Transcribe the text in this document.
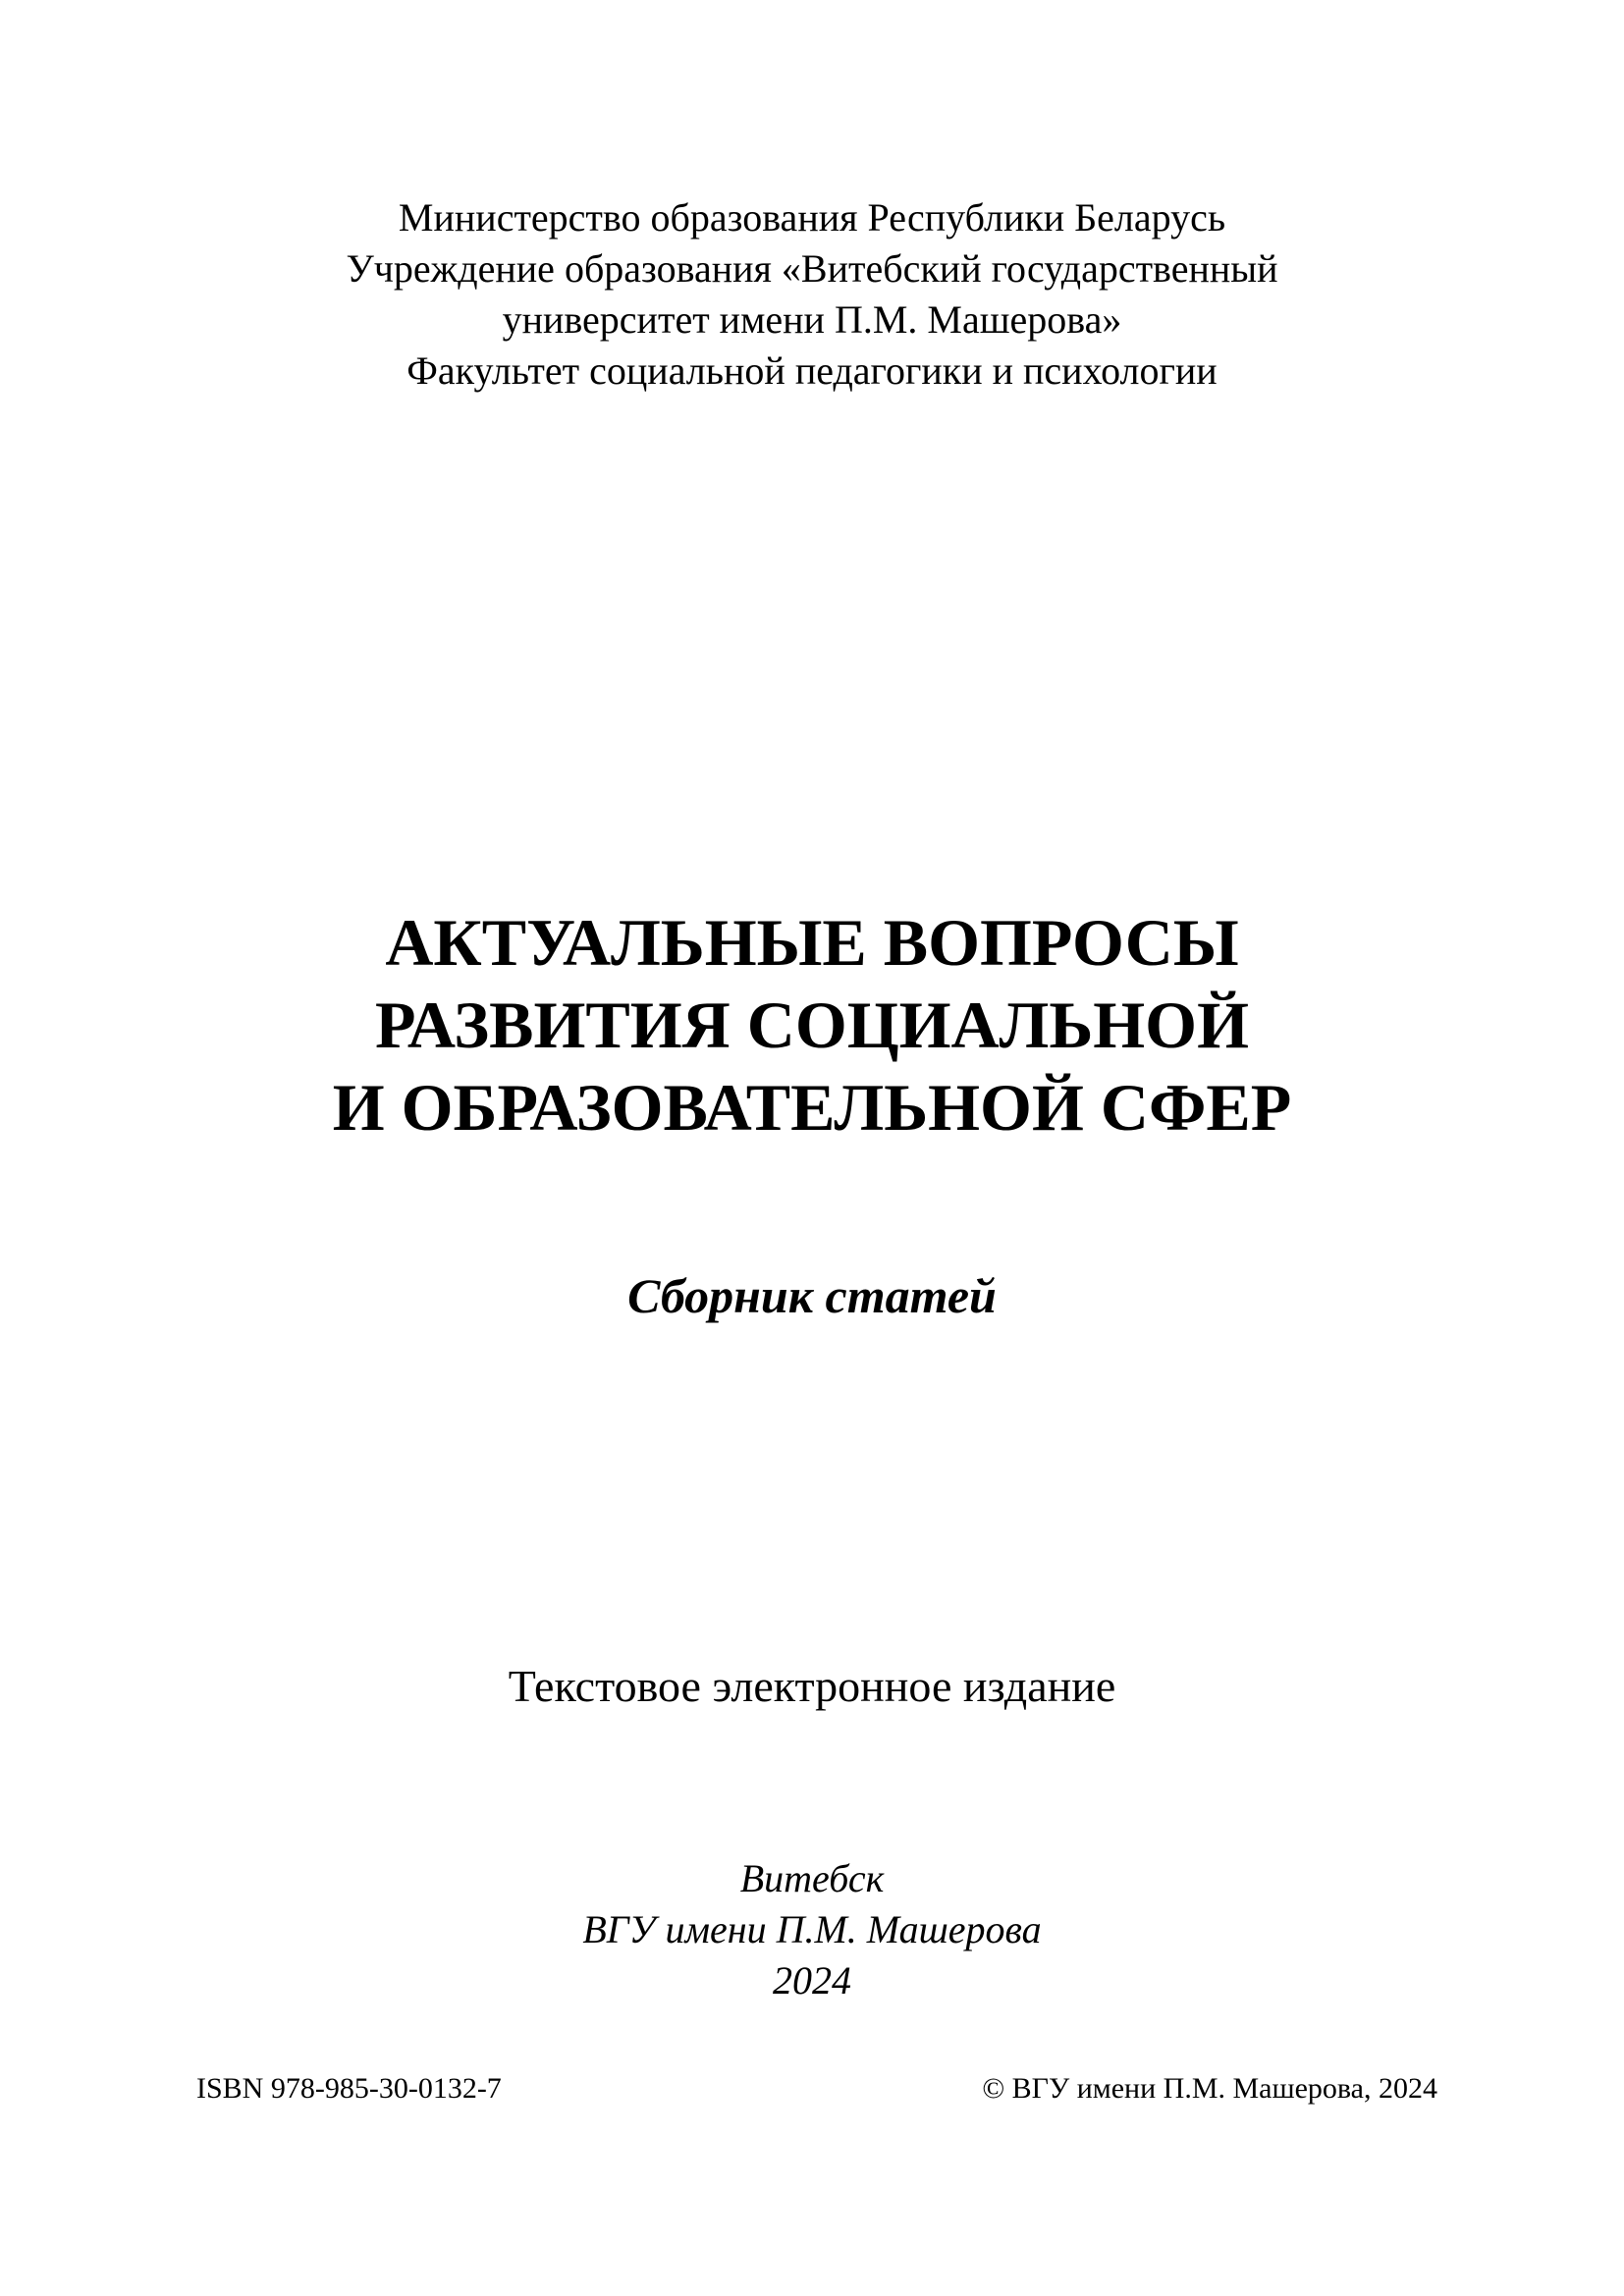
Министерство образования Республики Беларусь
Учреждение образования «Витебский государственный
университет имени П.М. Машерова»
Факультет социальной педагогики и психологии
АКТУАЛЬНЫЕ ВОПРОСЫ
РАЗВИТИЯ СОЦИАЛЬНОЙ
И ОБРАЗОВАТЕЛЬНОЙ СФЕР
Сборник статей
Текстовое электронное издание
Витебск
ВГУ имени П.М. Машерова
2024
ISBN 978-985-30-0132-7	© ВГУ имени П.М. Машерова, 2024
